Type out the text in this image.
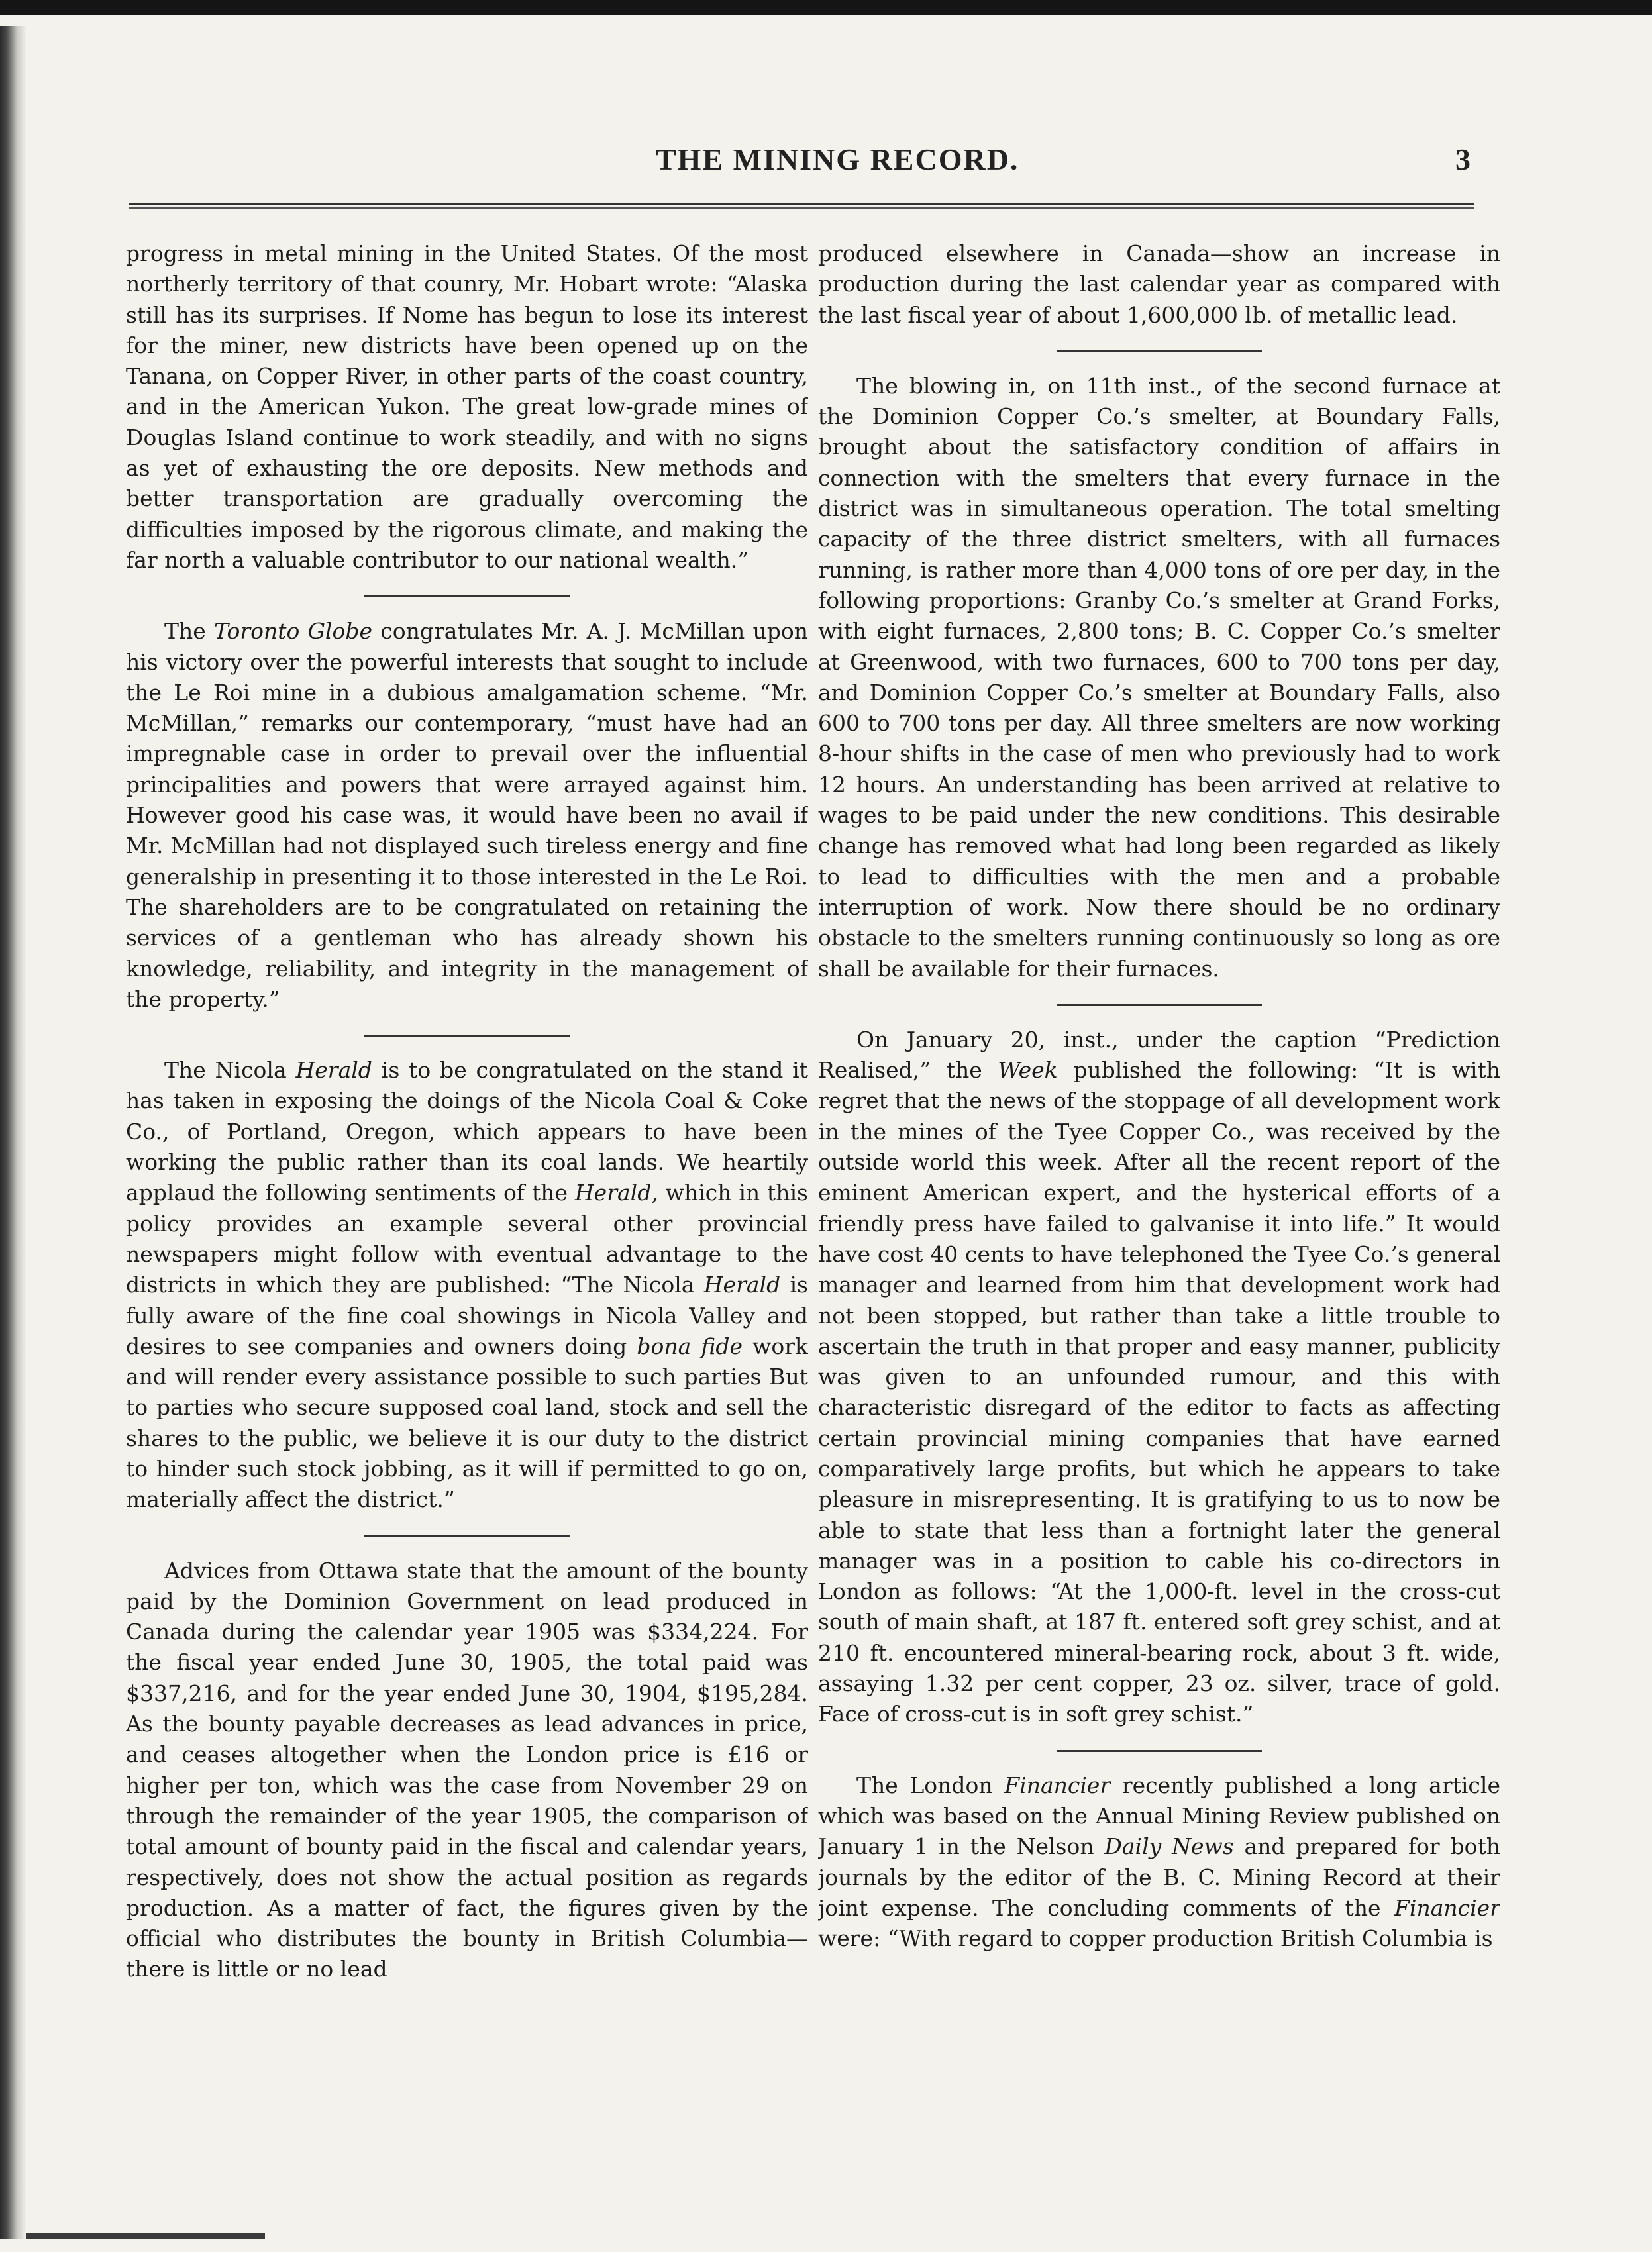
THE MINING RECORD.	3

progress in metal mining in the United States. Of the most northerly territory of that counry, Mr. Hobart wrote: “Alaska still has its surprises. If Nome has begun to lose its interest for the miner, new districts have been opened up on the Tanana, on Copper River, in other parts of the coast country, and in the American Yukon. The great low-grade mines of Douglas Island continue to work steadily, and with no signs as yet of exhausting the ore deposits. New methods and better transportation are gradually overcoming the difficulties imposed by the rigorous climate, and making the far north a valuable contributor to our national wealth.”

The Toronto Globe congratulates Mr. A. J. McMillan upon his victory over the powerful interests that sought to include the Le Roi mine in a dubious amalgamation scheme. “Mr. McMillan,” remarks our contemporary, “must have had an impregnable case in order to prevail over the influential principalities and powers that were arrayed against him. However good his case was, it would have been no avail if Mr. McMillan had not displayed such tireless energy and fine generalship in presenting it to those interested in the Le Roi. The shareholders are to be congratulated on retaining the services of a gentleman who has already shown his knowledge, reliability, and integrity in the management of the property.”

The Nicola Herald is to be congratulated on the stand it has taken in exposing the doings of the Nicola Coal & Coke Co., of Portland, Oregon, which appears to have been working the public rather than its coal lands. We heartily applaud the following sentiments of the Herald, which in this policy provides an example several other provincial newspapers might follow with eventual advantage to the districts in which they are published: “The Nicola Herald is fully aware of the fine coal showings in Nicola Valley and desires to see companies and owners doing bona fide work and will render every assistance possible to such parties But to parties who secure supposed coal land, stock and sell the shares to the public, we believe it is our duty to the district to hinder such stock jobbing, as it will if permitted to go on, materially affect the district.”

Advices from Ottawa state that the amount of the bounty paid by the Dominion Government on lead produced in Canada during the calendar year 1905 was $334,224. For the fiscal year ended June 30, 1905, the total paid was $337,216, and for the year ended June 30, 1904, $195,284. As the bounty payable decreases as lead advances in price, and ceases altogether when the London price is £16 or higher per ton, which was the case from November 29 on through the remainder of the year 1905, the comparison of total amount of bounty paid in the fiscal and calendar years, respectively, does not show the actual position as regards production. As a matter of fact, the figures given by the official who distributes the bounty in British Columbia—there is little or no lead

produced elsewhere in Canada—show an increase in production during the last calendar year as compared with the last fiscal year of about 1,600,000 lb. of metallic lead.

The blowing in, on 11th inst., of the second furnace at the Dominion Copper Co.’s smelter, at Boundary Falls, brought about the satisfactory condition of affairs in connection with the smelters that every furnace in the district was in simultaneous operation. The total smelting capacity of the three district smelters, with all furnaces running, is rather more than 4,000 tons of ore per day, in the following proportions: Granby Co.’s smelter at Grand Forks, with eight furnaces, 2,800 tons; B. C. Copper Co.’s smelter at Greenwood, with two furnaces, 600 to 700 tons per day, and Dominion Copper Co.’s smelter at Boundary Falls, also 600 to 700 tons per day. All three smelters are now working 8-hour shifts in the case of men who previously had to work 12 hours. An understanding has been arrived at relative to wages to be paid under the new conditions. This desirable change has removed what had long been regarded as likely to lead to difficulties with the men and a probable interruption of work. Now there should be no ordinary obstacle to the smelters running continuously so long as ore shall be available for their furnaces.

On January 20, inst., under the caption “Prediction Realised,” the Week published the following: “It is with regret that the news of the stoppage of all development work in the mines of the Tyee Copper Co., was received by the outside world this week. After all the recent report of the eminent American expert, and the hysterical efforts of a friendly press have failed to galvanise it into life.” It would have cost 40 cents to have telephoned the Tyee Co.’s general manager and learned from him that development work had not been stopped, but rather than take a little trouble to ascertain the truth in that proper and easy manner, publicity was given to an unfounded rumour, and this with characteristic disregard of the editor to facts as affecting certain provincial mining companies that have earned comparatively large profits, but which he appears to take pleasure in misrepresenting. It is gratifying to us to now be able to state that less than a fortnight later the general manager was in a position to cable his co-directors in London as follows: “At the 1,000-ft. level in the cross-cut south of main shaft, at 187 ft. entered soft grey schist, and at 210 ft. encountered mineral-bearing rock, about 3 ft. wide, assaying 1.32 per cent copper, 23 oz. silver, trace of gold. Face of cross-cut is in soft grey schist.”

The London Financier recently published a long article which was based on the Annual Mining Review published on January 1 in the Nelson Daily News and prepared for both journals by the editor of the B. C. Mining Record at their joint expense. The concluding comments of the Financier were: “With regard to copper production British Columbia is
